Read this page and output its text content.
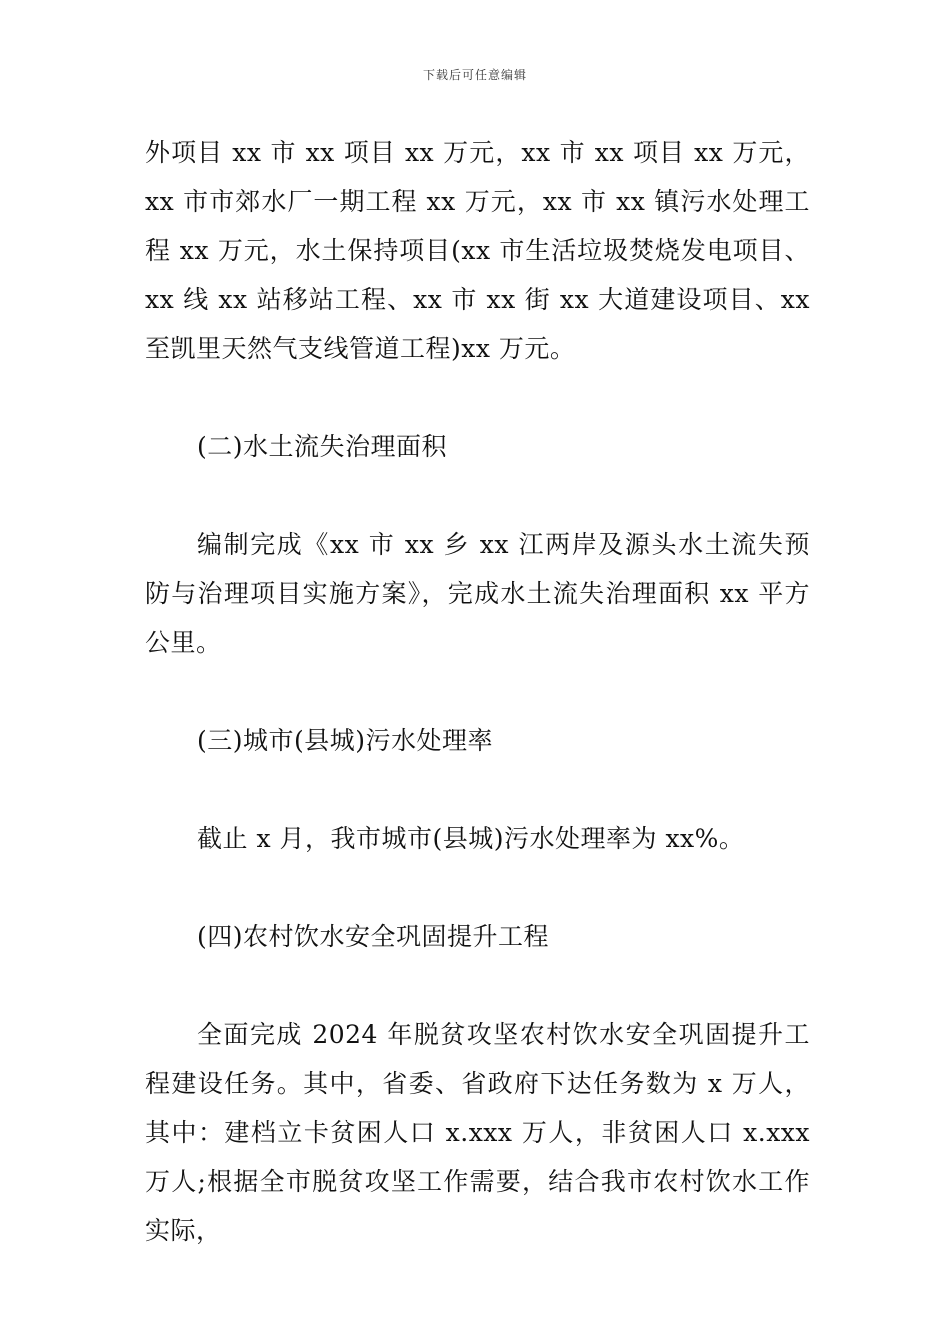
下载后可任意编辑

外项目 xx 市 xx 项目 xx 万元，xx 市 xx 项目 xx 万元，xx 市市郊水厂一期工程 xx 万元，xx 市 xx 镇污水处理工程 xx 万元，水土保持项目(xx 市生活垃圾焚烧发电项目、xx 线 xx 站移站工程、xx 市 xx 街 xx 大道建设项目、xx 至凯里天然气支线管道工程)xx 万元。

(二)水土流失治理面积

编制完成《xx 市 xx 乡 xx 江两岸及源头水土流失预防与治理项目实施方案》，完成水土流失治理面积 xx 平方公里。

(三)城市(县城)污水处理率

截止 x 月，我市城市(县城)污水处理率为 xx%。

(四)农村饮水安全巩固提升工程

全面完成 2024 年脱贫攻坚农村饮水安全巩固提升工程建设任务。其中，省委、省政府下达任务数为 x 万人，其中：建档立卡贫困人口 x.xxx 万人，非贫困人口 x.xxx 万人;根据全市脱贫攻坚工作需要，结合我市农村饮水工作实际，
